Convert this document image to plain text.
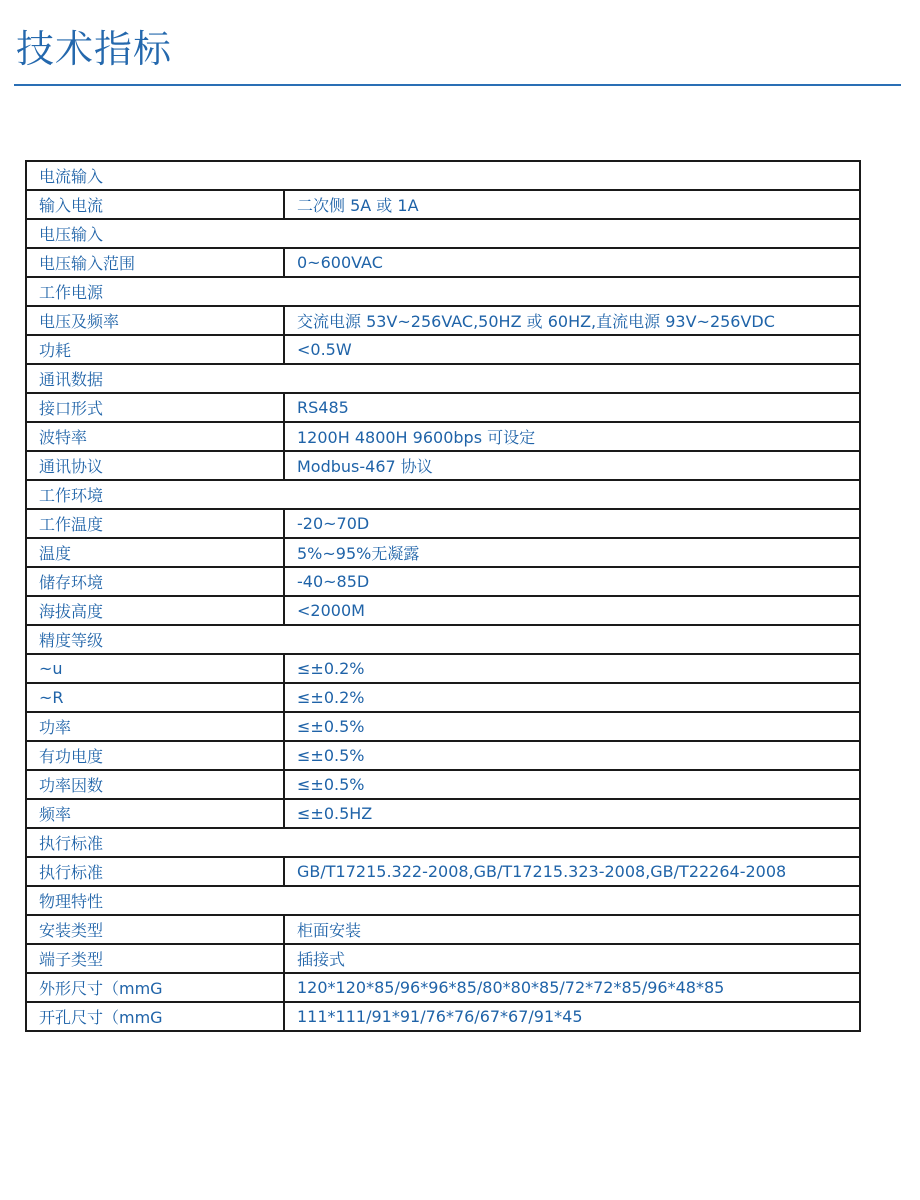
技术指标
电流输入	
输入电流	二次侧 5A 或 1A
电压输入	
电压输入范围	0~600VAC
工作电源	
电压及频率	交流电源 53V~256VAC,50HZ 或 60HZ,直流电源 93V~256VDC
功耗	<0.5W
通讯数据	
接口形式	RS485
波特率	1200H 4800H 9600bps 可设定
通讯协议	Modbus-467 协议
工作环境	
工作温度	-20~70D
温度	5%~95%无凝露
储存环境	-40~85D
海拔高度	<2000M
精度等级	
~u	≤±0.2%
~R	≤±0.2%
功率	≤±0.5%
有功电度	≤±0.5%
功率因数	≤±0.5%
频率	≤±0.5HZ
执行标准	
执行标准	GB/T17215.322-2008,GB/T17215.323-2008,GB/T22264-2008
物理特性	
安装类型	柜面安装
端子类型	插接式
外形尺寸（mmG	120*120*85/96*96*85/80*80*85/72*72*85/96*48*85
开孔尺寸（mmG	111*111/91*91/76*76/67*67/91*45
